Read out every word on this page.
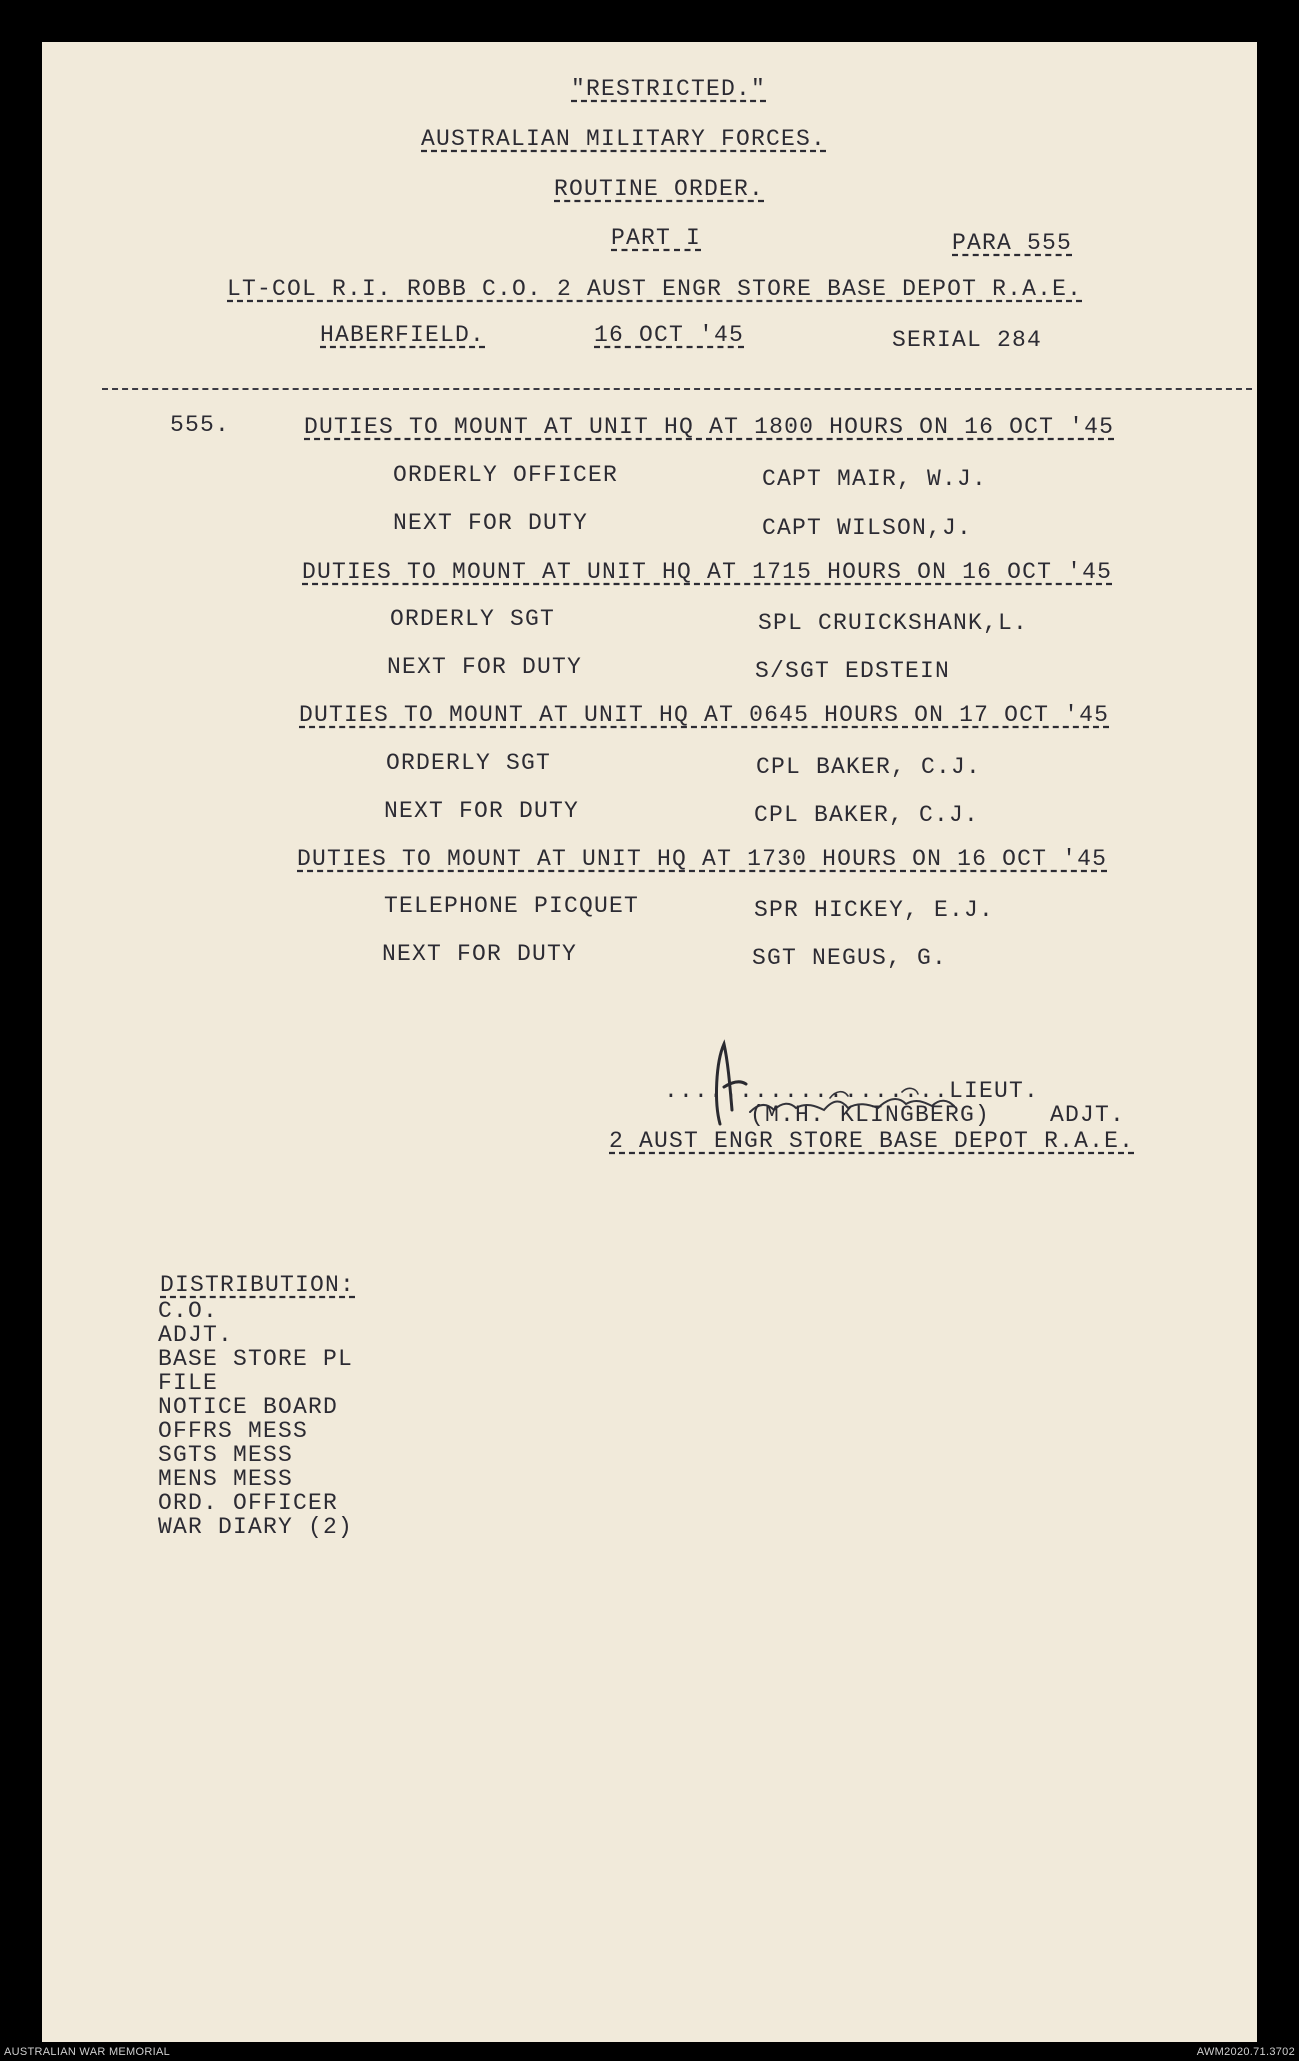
"RESTRICTED."
AUSTRALIAN MILITARY FORCES.
ROUTINE ORDER.
PART I	PARA 555
LT-COL R.I. ROBB C.O. 2 AUST ENGR STORE BASE DEPOT R.A.E.
HABERFIELD.	16 OCT '45	SERIAL 284
555.	DUTIES TO MOUNT AT UNIT HQ AT 1800 HOURS ON 16 OCT '45
ORDERLY OFFICER	CAPT MAIR, W.J.
NEXT FOR DUTY	CAPT WILSON,J.
DUTIES TO MOUNT AT UNIT HQ AT 1715 HOURS ON 16 OCT '45
ORDERLY SGT	SPL CRUICKSHANK,L.
NEXT FOR DUTY	S/SGT EDSTEIN
DUTIES TO MOUNT AT UNIT HQ AT 0645 HOURS ON 17 OCT '45
ORDERLY SGT	CPL BAKER, C.J.
NEXT FOR DUTY	CPL BAKER, C.J.
DUTIES TO MOUNT AT UNIT HQ AT 1730 HOURS ON 16 OCT '45
TELEPHONE PICQUET	SPR HICKEY, E.J.
NEXT FOR DUTY	SGT NEGUS, G.
...................LIEUT.
(M.H. KLINGBERG)    ADJT.
2 AUST ENGR STORE BASE DEPOT R.A.E.
DISTRIBUTION:
C.O.
ADJT.
BASE STORE PL
FILE
NOTICE BOARD
OFFRS MESS
SGTS MESS
MENS MESS
ORD. OFFICER
WAR DIARY (2)
AUSTRALIAN WAR MEMORIAL	AWM2020.71.3702
